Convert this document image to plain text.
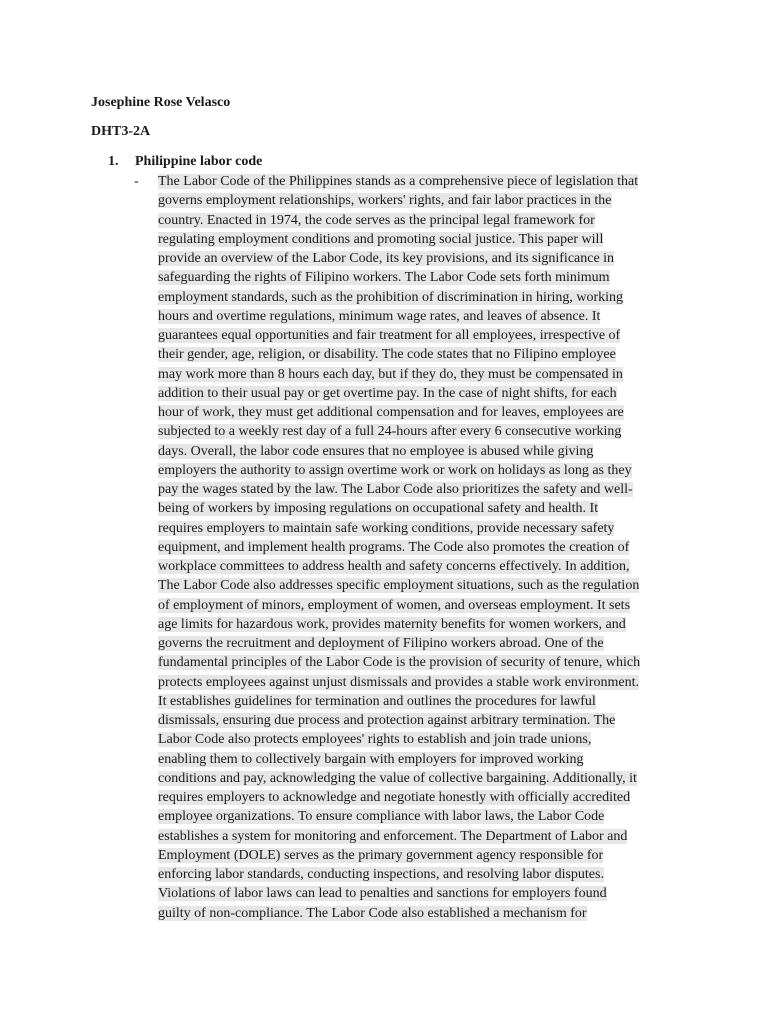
Josephine Rose Velasco
DHT3-2A
1. Philippine labor code
- The Labor Code of the Philippines stands as a comprehensive piece of legislation that
governs employment relationships, workers' rights, and fair labor practices in the
country. Enacted in 1974, the code serves as the principal legal framework for
regulating employment conditions and promoting social justice. This paper will
provide an overview of the Labor Code, its key provisions, and its significance in
safeguarding the rights of Filipino workers. The Labor Code sets forth minimum
employment standards, such as the prohibition of discrimination in hiring, working
hours and overtime regulations, minimum wage rates, and leaves of absence. It
guarantees equal opportunities and fair treatment for all employees, irrespective of
their gender, age, religion, or disability. The code states that no Filipino employee
may work more than 8 hours each day, but if they do, they must be compensated in
addition to their usual pay or get overtime pay. In the case of night shifts, for each
hour of work, they must get additional compensation and for leaves, employees are
subjected to a weekly rest day of a full 24-hours after every 6 consecutive working
days. Overall, the labor code ensures that no employee is abused while giving
employers the authority to assign overtime work or work on holidays as long as they
pay the wages stated by the law. The Labor Code also prioritizes the safety and well-
being of workers by imposing regulations on occupational safety and health. It
requires employers to maintain safe working conditions, provide necessary safety
equipment, and implement health programs. The Code also promotes the creation of
workplace committees to address health and safety concerns effectively. In addition,
The Labor Code also addresses specific employment situations, such as the regulation
of employment of minors, employment of women, and overseas employment. It sets
age limits for hazardous work, provides maternity benefits for women workers, and
governs the recruitment and deployment of Filipino workers abroad. One of the
fundamental principles of the Labor Code is the provision of security of tenure, which
protects employees against unjust dismissals and provides a stable work environment.
It establishes guidelines for termination and outlines the procedures for lawful
dismissals, ensuring due process and protection against arbitrary termination. The
Labor Code also protects employees' rights to establish and join trade unions,
enabling them to collectively bargain with employers for improved working
conditions and pay, acknowledging the value of collective bargaining. Additionally, it
requires employers to acknowledge and negotiate honestly with officially accredited
employee organizations. To ensure compliance with labor laws, the Labor Code
establishes a system for monitoring and enforcement. The Department of Labor and
Employment (DOLE) serves as the primary government agency responsible for
enforcing labor standards, conducting inspections, and resolving labor disputes.
Violations of labor laws can lead to penalties and sanctions for employers found
guilty of non-compliance. The Labor Code also established a mechanism for
